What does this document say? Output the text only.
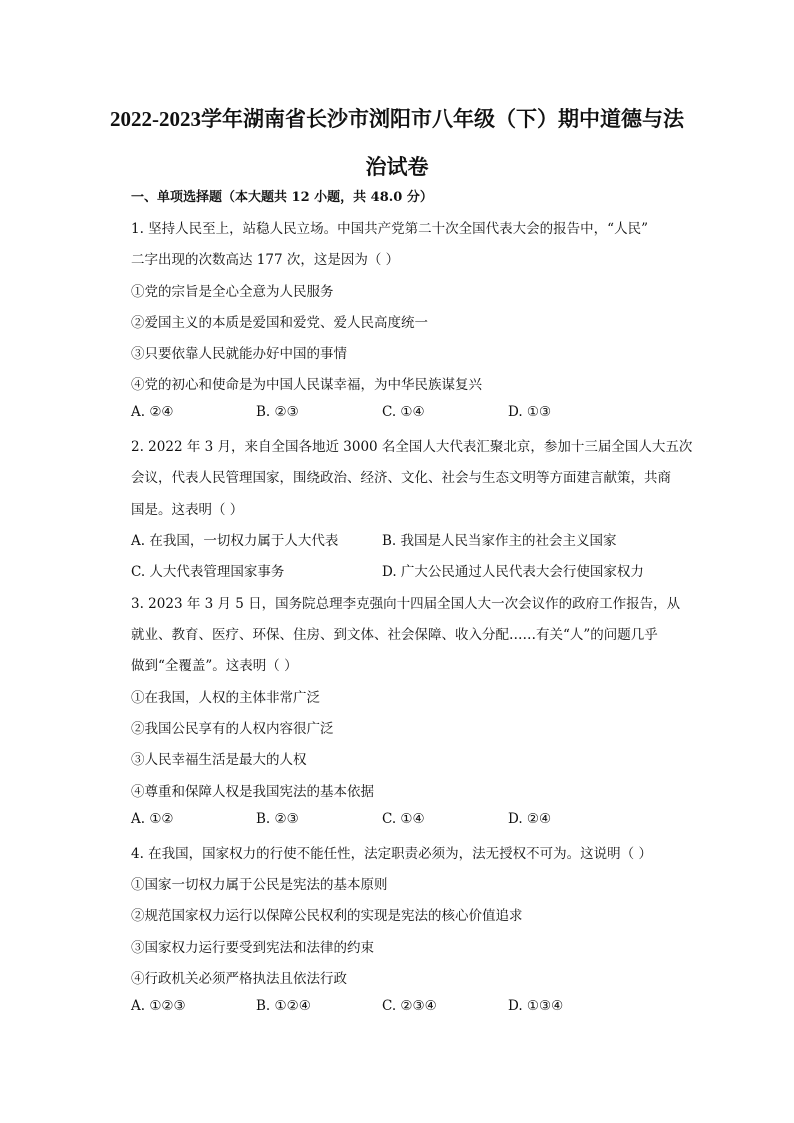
2022-2023学年湖南省长沙市浏阳市八年级（下）期中道德与法
治试卷
一、单项选择题（本大题共 12 小题，共 48.0 分）
1. 坚持人民至上，站稳人民立场。中国共产党第二十次全国代表大会的报告中，“人民”
二字出现的次数高达 177 次，这是因为（ ）
①党的宗旨是全心全意为人民服务
②爱国主义的本质是爱国和爱党、爱人民高度统一
③只要依靠人民就能办好中国的事情
④党的初心和使命是为中国人民谋幸福，为中华民族谋复兴
A. ②④	B. ②③	C. ①④	D. ①③
2. 2022 年 3 月，来自全国各地近 3000 名全国人大代表汇聚北京，参加十三届全国人大五次
会议，代表人民管理国家，围绕政治、经济、文化、社会与生态文明等方面建言献策，共商
国是。这表明（ ）
A. 在我国，一切权力属于人大代表	B. 我国是人民当家作主的社会主义国家
C. 人大代表管理国家事务	D. 广大公民通过人民代表大会行使国家权力
3. 2023 年 3 月 5 日，国务院总理李克强向十四届全国人大一次会议作的政府工作报告，从
就业、教育、医疗、环保、住房、到文体、社会保障、收入分配……有关“人”的问题几乎
做到“全覆盖”。这表明（ ）
①在我国，人权的主体非常广泛
②我国公民享有的人权内容很广泛
③人民幸福生活是最大的人权
④尊重和保障人权是我国宪法的基本依据
A. ①②	B. ②③	C. ①④	D. ②④
4. 在我国，国家权力的行使不能任性，法定职责必须为，法无授权不可为。这说明（ ）
①国家一切权力属于公民是宪法的基本原则
②规范国家权力运行以保障公民权利的实现是宪法的核心价值追求
③国家权力运行要受到宪法和法律的约束
④行政机关必须严格执法且依法行政
A. ①②③	B. ①②④	C. ②③④	D. ①③④
